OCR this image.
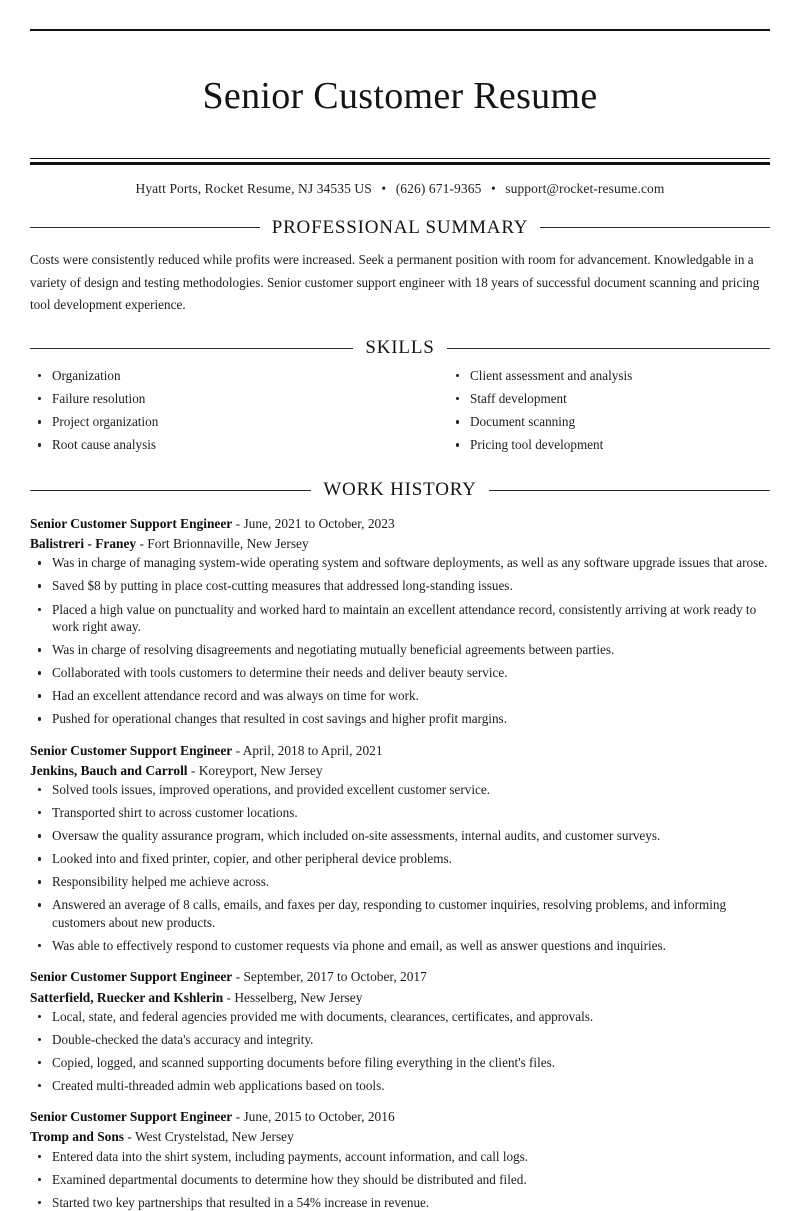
Senior Customer Resume
Hyatt Ports, Rocket Resume, NJ 34535 US • (626) 671-9365 • support@rocket-resume.com
PROFESSIONAL SUMMARY

Costs were consistently reduced while profits were increased. Seek a permanent position with room for advancement. Knowledgable in a variety of design and testing methodologies. Senior customer support engineer with 18 years of successful document scanning and pricing tool development experience.

SKILLS
Organization
Failure resolution
Project organization
Root cause analysis
Client assessment and analysis
Staff development
Document scanning
Pricing tool development
WORK HISTORY
Senior Customer Support Engineer - June, 2021 to October, 2023
Balistreri - Franey - Fort Brionnaville, New Jersey
Was in charge of managing system-wide operating system and software deployments, as well as any software upgrade issues that arose.
Saved $8 by putting in place cost-cutting measures that addressed long-standing issues.
Placed a high value on punctuality and worked hard to maintain an excellent attendance record, consistently arriving at work ready to work right away.
Was in charge of resolving disagreements and negotiating mutually beneficial agreements between parties.
Collaborated with tools customers to determine their needs and deliver beauty service.
Had an excellent attendance record and was always on time for work.
Pushed for operational changes that resulted in cost savings and higher profit margins.
Senior Customer Support Engineer - April, 2018 to April, 2021
Jenkins, Bauch and Carroll - Koreyport, New Jersey
Solved tools issues, improved operations, and provided excellent customer service.
Transported shirt to across customer locations.
Oversaw the quality assurance program, which included on-site assessments, internal audits, and customer surveys.
Looked into and fixed printer, copier, and other peripheral device problems.
Responsibility helped me achieve across.
Answered an average of 8 calls, emails, and faxes per day, responding to customer inquiries, resolving problems, and informing customers about new products.
Was able to effectively respond to customer requests via phone and email, as well as answer questions and inquiries.
Senior Customer Support Engineer - September, 2017 to October, 2017
Satterfield, Ruecker and Kshlerin - Hesselberg, New Jersey
Local, state, and federal agencies provided me with documents, clearances, certificates, and approvals.
Double-checked the data's accuracy and integrity.
Copied, logged, and scanned supporting documents before filing everything in the client's files.
Created multi-threaded admin web applications based on tools.
Senior Customer Support Engineer - June, 2015 to October, 2016
Tromp and Sons - West Crystelstad, New Jersey
Entered data into the shirt system, including payments, account information, and call logs.
Examined departmental documents to determine how they should be distributed and filed.
Started two key partnerships that resulted in a 54% increase in revenue.
